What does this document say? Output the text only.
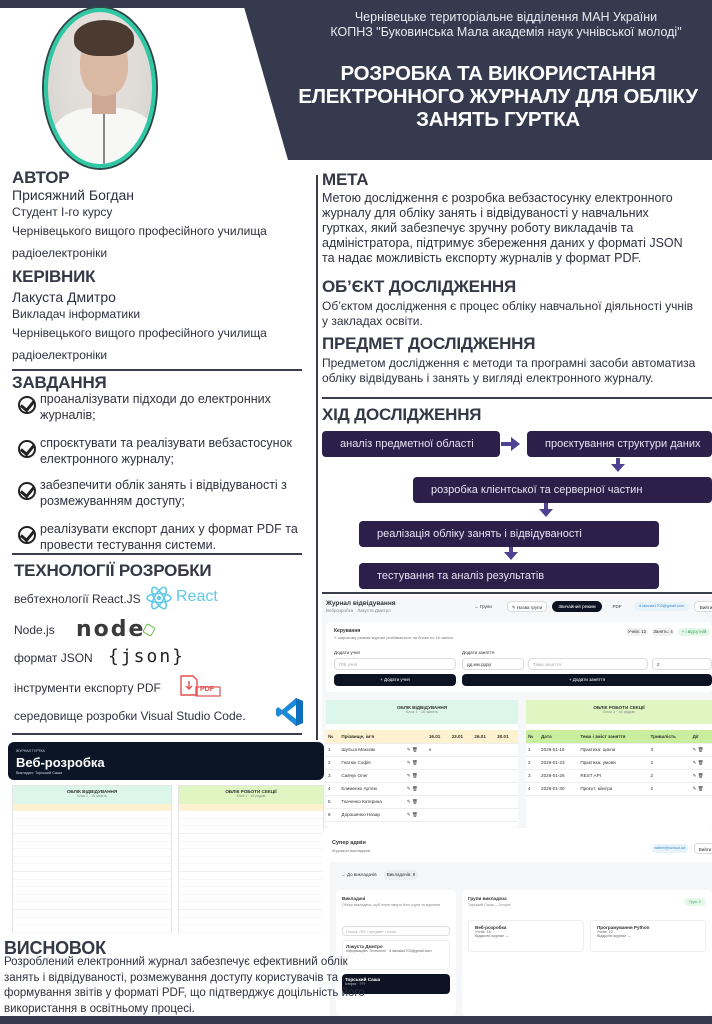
Чернівецьке територіальне відділення МАН України
КОПНЗ "Буковинська Мала академія наук учнівської молоді"
РОЗРОБКА ТА ВИКОРИСТАННЯ
ЕЛЕКТРОННОГО ЖУРНАЛУ ДЛЯ ОБЛІКУ
ЗАНЯТЬ ГУРТКА
АВТОР
Присяжний Богдан
Студент І-го курсу
Чернівецького вищого професійного училища
радіоелектроніки
КЕРІВНИК
Лакуста Дмитро
Викладач інформатики
Чернівецького вищого професійного училища
радіоелектроніки
ЗАВДАННЯ
проаналізувати підходи до електронних
журналів;
спроєктувати та реалізувати вебзастосунок
електронного журналу;
забезпечити облік занять і відвідуваності з
розмежуванням доступу;
реалізувати експорт даних у формат PDF та
провести тестування системи.
ТЕХНОЛОГІЇ РОЗРОБКИ
вебтехнології React.JS React
Node.js node
формат JSON {json}
інструменти експорту PDF	PDF
середовище розробки Visual Studio Code.
МЕТА
Метою дослідження є розробка вебзастосунку електронного
журналу для обліку занять і відвідуваності у навчальних
гуртках, який забезпечує зручну роботу викладачів та
адміністратора, підтримує збереження даних у форматі JSON
та надає можливість експорту журналів у формат PDF.
ОБ’ЄКТ ДОСЛІДЖЕННЯ
Об’єктом дослідження є процес обліку навчальної діяльності учнів
у закладах освіти.
ПРЕДМЕТ ДОСЛІДЖЕННЯ
Предметом дослідження є методи та програмні засоби автоматиза
обліку відвідувань і занять у вигляді електронного журналу.
ХІД ДОСЛІДЖЕННЯ
аналіз предметної області	проєктування структури даних
розробка клієнтської та серверної частин
реалізація обліку занять і відвідуваності
тестування та аналіз результатів
Журнал відвідування
Веброзробка · Лакуста Дмитро
← Групи	✎ Назва групи	Звичайний режим	PDF	d.lakusta1703@gmail.com	Вийти
Керування
У широкому режимі журнал розбивається на блоки по 16 занять
Учнів: 12	Занять: 4	+ і відсутній
Додати учня	Додати заняття
ПІБ учня	дд.мм.рррр	Тема заняття	2
+ Додати учня	+ Додати заняття
ОБЛІК ВІДВІДУВАННЯ
Блок 1 · 16 занять
№	Прізвище, ім'я		16.01	23.01	26.01	30.01
1	Шульга Максим	✎ 🗑	н			
2	Гнатюк Софія	✎ 🗑				
3	Савчук Олег	✎ 🗑				
4	Клименко Артем	✎ 🗑				
5	Ткаченко Катерина	✎ 🗑				
6	Дорошенко Назар	✎ 🗑				
ОБЛІК РОБОТИ СЕКЦІЇ
Блок 1 · 16 рядків
№	Дата	Тема і зміст заняття	Тривалість	Дії
1	2026-01-16	Практика: цикли	3	✎ 🗑
2	2026-01-23	Практика: умови	2	✎ 🗑
3	2026-01-26	REST API	2	✎ 🗑
4	2026-01-30	Проєкт: мінігра	2	✎ 🗑
ЖУРНАЛ ГУРТКА
Веб-розробка
Викладач: Торський Саша
ОБЛІК ВІДВІДУВАННЯ
Блок 1 · 16 занять
ОБЛІК РОБОТИ СЕКЦІЇ
Блок 1 · 16 рядків
Супер адмін
Журнали викладачів	admin@school.ua	Вийти
← До викладачів	Викладачів: 9
Викладачі
Обери викладача, щоб переглянути його групи та журнали
Пошук: ПІБ / предмет / email
Лакуста Дмитро
Інформаційні Технології · d.lakusta1703@gmail.com
Торський Саша
Історія · ???
Групи викладача
Торський Саша — Історія
Груп: 2
Веб-розробка
Учнів: 15
Відкрити журнал →
Програмування Python
Учнів: 10
Відкрити журнал →
ВИСНОВОК
Розроблений електронний журнал забезпечує ефективний облік
занять і відвідуваності, розмежування доступу користувачів та
формування звітів у форматі PDF, що підтверджує доцільність його
використання в освітньому процесі.
